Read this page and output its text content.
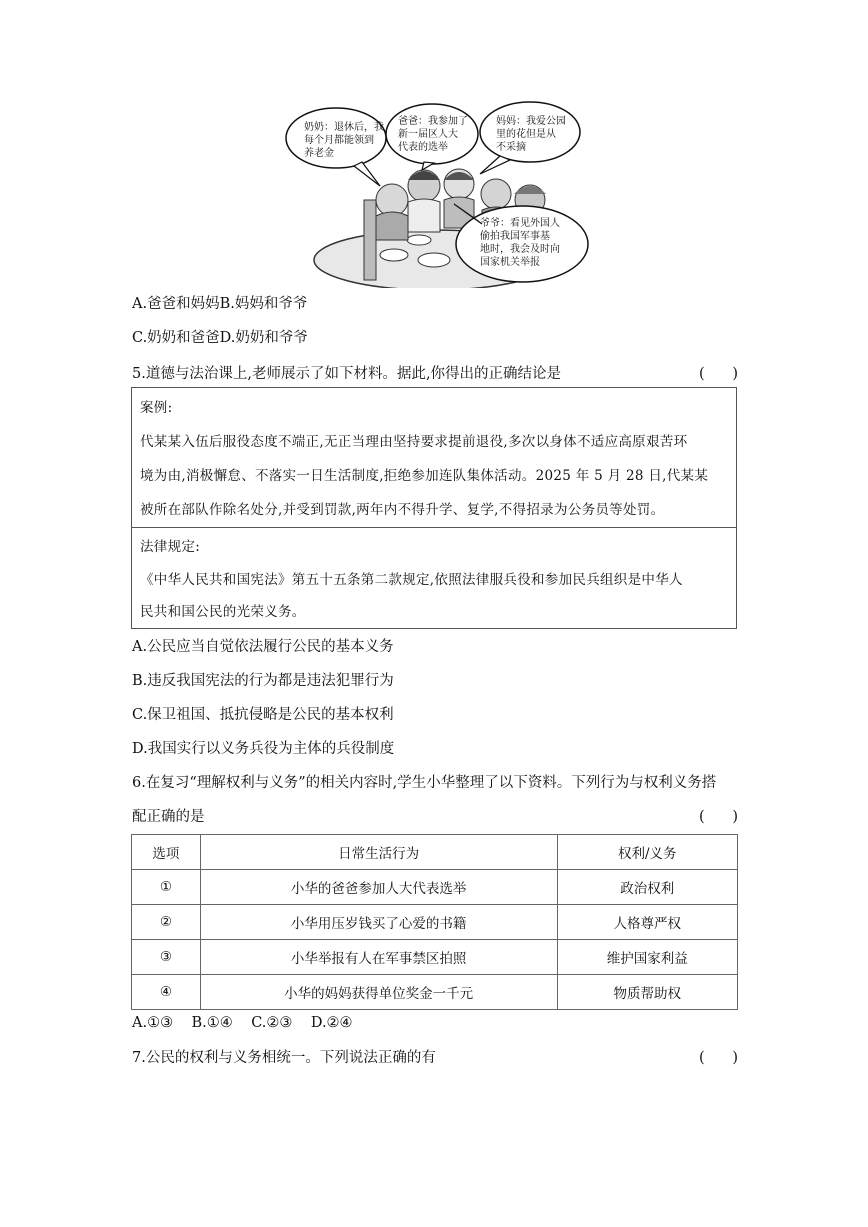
奶奶：退休后，我
每个月都能领到
养老金
爸爸：我参加了
新一届区人大
代表的选举
妈妈：我爱公园
里的花但是从
不采摘
爷爷：看见外国人
偷拍我国军事基
地时，我会及时向
国家机关举报
A.爸爸和妈妈B.妈妈和爷爷
C.奶奶和爸爸D.奶奶和爷爷
5.道德与法治课上,老师展示了如下材料。据此,你得出的正确结论是	(      )
案例:
代某某入伍后服役态度不端正,无正当理由坚持要求提前退役,多次以身体不适应高原艰苦环
境为由,消极懈怠、不落实一日生活制度,拒绝参加连队集体活动。2025 年 5 月 28 日,代某某
被所在部队作除名处分,并受到罚款,两年内不得升学、复学,不得招录为公务员等处罚。
法律规定:
《中华人民共和国宪法》第五十五条第二款规定,依照法律服兵役和参加民兵组织是中华人
民共和国公民的光荣义务。
A.公民应当自觉依法履行公民的基本义务
B.违反我国宪法的行为都是违法犯罪行为
C.保卫祖国、抵抗侵略是公民的基本权利
D.我国实行以义务兵役为主体的兵役制度
6.在复习“理解权利与义务”的相关内容时,学生小华整理了以下资料。下列行为与权利义务搭
配正确的是	(      )
选项	日常生活行为	权利/义务
①	小华的爸爸参加人大代表选举	政治权利
②	小华用压岁钱买了心爱的书籍	人格尊严权
③	小华举报有人在军事禁区拍照	维护国家利益
④	小华的妈妈获得单位奖金一千元	物质帮助权
A.①③    B.①④    C.②③    D.②④
7.公民的权利与义务相统一。下列说法正确的有	(      )
